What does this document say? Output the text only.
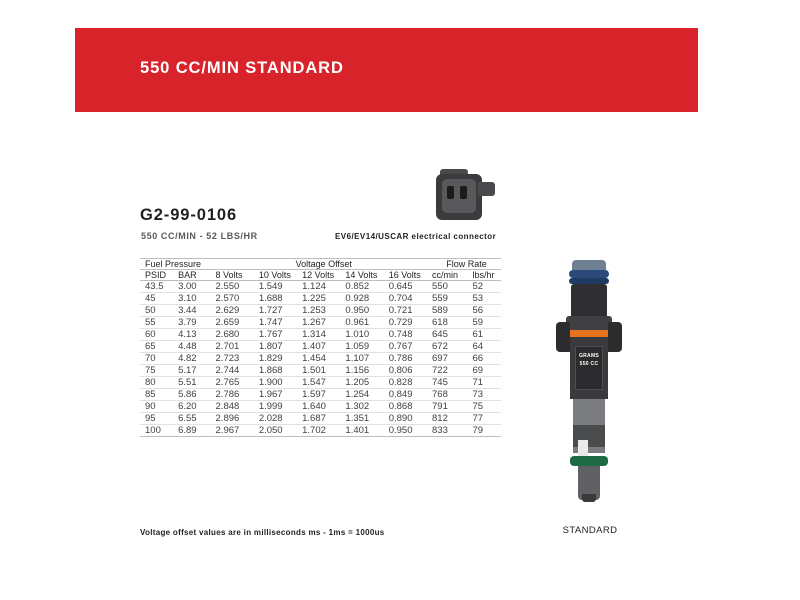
550 CC/MIN STANDARD
G2-99-0106
550 CC/MIN - 52 LBS/HR	EV6/EV14/USCAR electrical connector
Fuel Pressure		Voltage Offset					Flow Rate	
PSID	BAR	8 Volts	10 Volts	12 Volts	14 Volts	16 Volts	cc/min	lbs/hr
43.5	3.00	2.550	1.549	1.124	0.852	0.645	550	52
45	3.10	2.570	1.688	1.225	0.928	0.704	559	53
50	3.44	2.629	1.727	1.253	0.950	0.721	589	56
55	3.79	2.659	1.747	1.267	0.961	0.729	618	59
60	4.13	2.680	1.767	1.314	1.010	0.748	645	61
65	4.48	2.701	1.807	1.407	1.059	0.767	672	64
70	4.82	2.723	1.829	1.454	1.107	0.786	697	66
75	5.17	2.744	1.868	1.501	1.156	0.806	722	69
80	5.51	2.765	1.900	1.547	1.205	0.828	745	71
85	5.86	2.786	1.967	1.597	1.254	0.849	768	73
90	6.20	2.848	1.999	1.640	1.302	0.868	791	75
95	6.55	2.896	2.028	1.687	1.351	0.890	812	77
100	6.89	2.967	2.050	1.702	1.401	0.950	833	79
Voltage offset values are in milliseconds ms - 1ms = 1000us
GRAMS
550 CC
STANDARD
